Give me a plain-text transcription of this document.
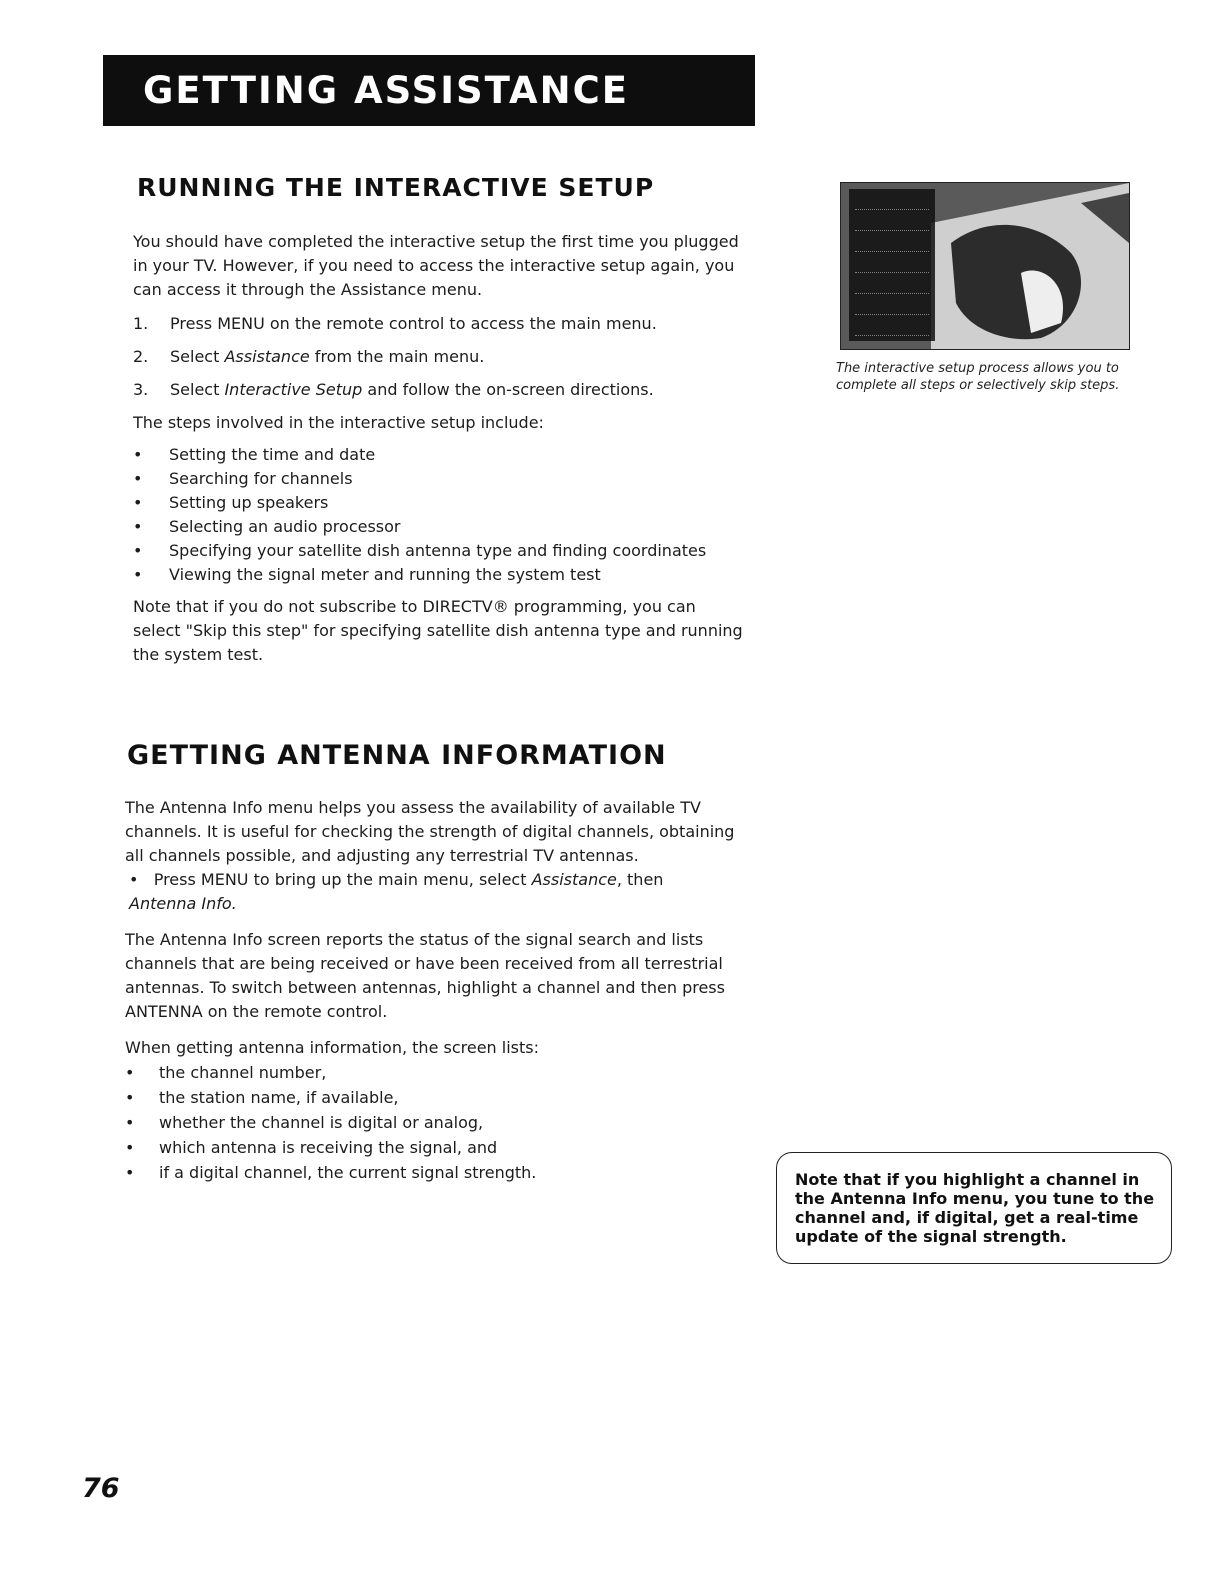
GETTING ASSISTANCE
RUNNING THE INTERACTIVE SETUP

You should have completed the interactive setup the first time you plugged in your TV. However, if you need to access the interactive setup again, you can access it through the Assistance menu.

1. Press MENU on the remote control to access the main menu.
2. Select Assistance from the main menu.
3. Select Interactive Setup and follow the on-screen directions.

The steps involved in the interactive setup include:

• Setting the time and date
• Searching for channels
• Setting up speakers
• Selecting an audio processor
• Specifying your satellite dish antenna type and finding coordinates
• Viewing the signal meter and running the system test

Note that if you do not subscribe to DIRECTV® programming, you can select "Skip this step" for specifying satellite dish antenna type and running the system test.

The interactive setup process allows you to complete all steps or selectively skip steps.
GETTING ANTENNA INFORMATION

The Antenna Info menu helps you assess the availability of available TV channels. It is useful for checking the strength of digital channels, obtaining all channels possible, and adjusting any terrestrial TV antennas.

•   Press MENU to bring up the main menu, select Assistance, then Antenna Info.

The Antenna Info screen reports the status of the signal search and lists channels that are being received or have been received from all terrestrial antennas. To switch between antennas, highlight a channel and then press ANTENNA on the remote control.

When getting antenna information, the screen lists:

• the channel number,
• the station name, if available,
• whether the channel is digital or analog,
• which antenna is receiving the signal, and
• if a digital channel, the current signal strength.	Note that if you highlight a channel in the Antenna Info menu, you tune to the channel and, if digital, get a real-time update of the signal strength.
76
